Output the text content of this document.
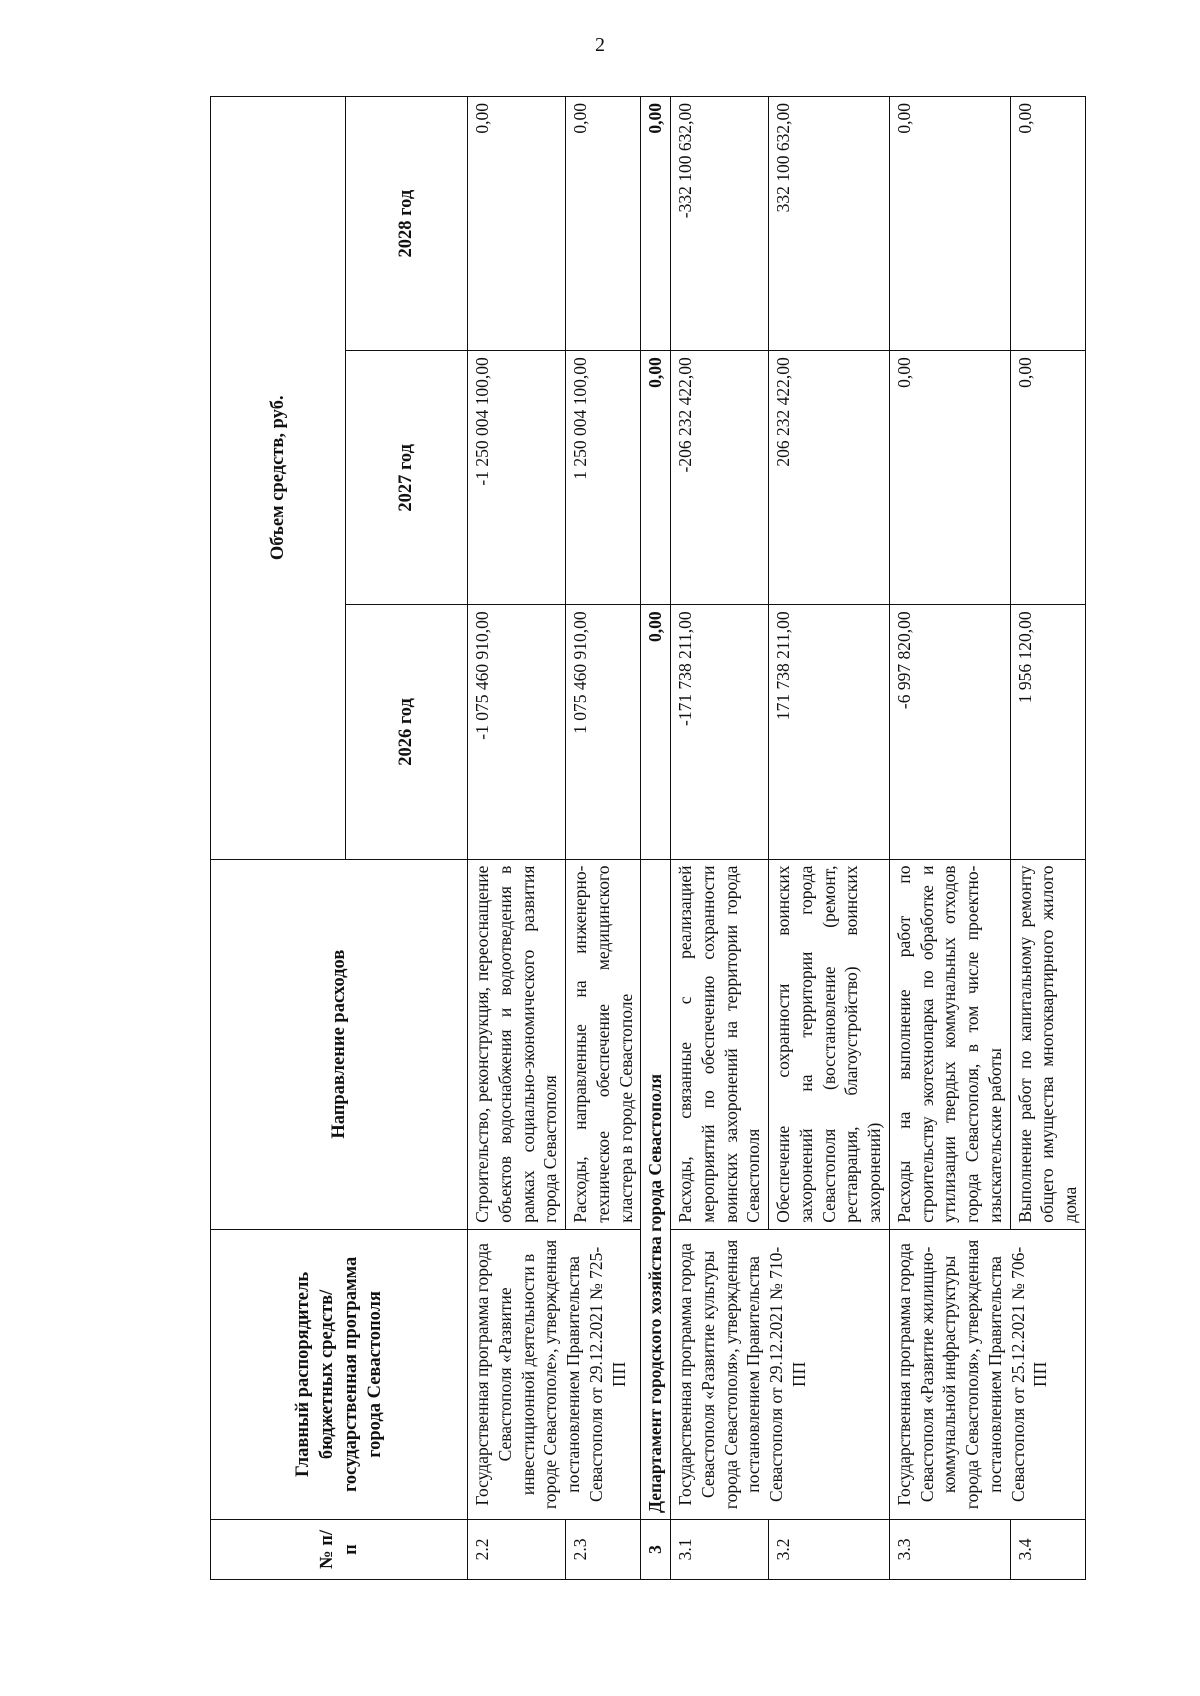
2
№ п/п	Главный распорядитель бюджетных средств/государственная программа города Севастополя	Направление расходов	Объем средств, руб.		
			2026 год	2027 год	2028 год
2.2	Государственная программа города Севастополя «Развитие инвестиционной деятельности в городе Севастополе», утвержденная постановлением Правительства Севастополя от 29.12.2021 № 725-ПП	Строительство, реконструкция, переоснащение объектов водоснабжения и водоотведения в рамках социально-экономического развития города Севастополя	-1 075 460 910,00	-1 250 004 100,00	0,00
2.3		Расходы, направленные на инженерно-техническое обеспечение медицинского кластера в городе Севастополе	1 075 460 910,00	1 250 004 100,00	0,00
3	Департамент городского хозяйства города Севастополя		0,00	0,00	0,00
3.1	Государственная программа города Севастополя «Развитие культуры города Севастополя», утвержденная постановлением Правительства Севастополя от 29.12.2021 № 710-ПП	Расходы, связанные с реализацией мероприятий по обеспечению сохранности воинских захоронений на территории города Севастополя	-171 738 211,00	-206 232 422,00	-332 100 632,00
3.2		Обеспечение сохранности воинских захоронений на территории города Севастополя (восстановление (ремонт, реставрация, благоустройство) воинских захоронений)	171 738 211,00	206 232 422,00	332 100 632,00
3.3	Государственная программа города Севастополя «Развитие жилищно-коммунальной инфраструктуры города Севастополя», утвержденная постановлением Правительства Севастополя от 25.12.2021 № 706-ПП	Расходы на выполнение работ по строительству экотехнопарка по обработке и утилизации твердых коммунальных отходов города Севастополя, в том числе проектно-изыскательские работы	-6 997 820,00	0,00	0,00
3.4		Выполнение работ по капитальному ремонту общего имущества многоквартирного жилого дома	1 956 120,00	0,00	0,00
